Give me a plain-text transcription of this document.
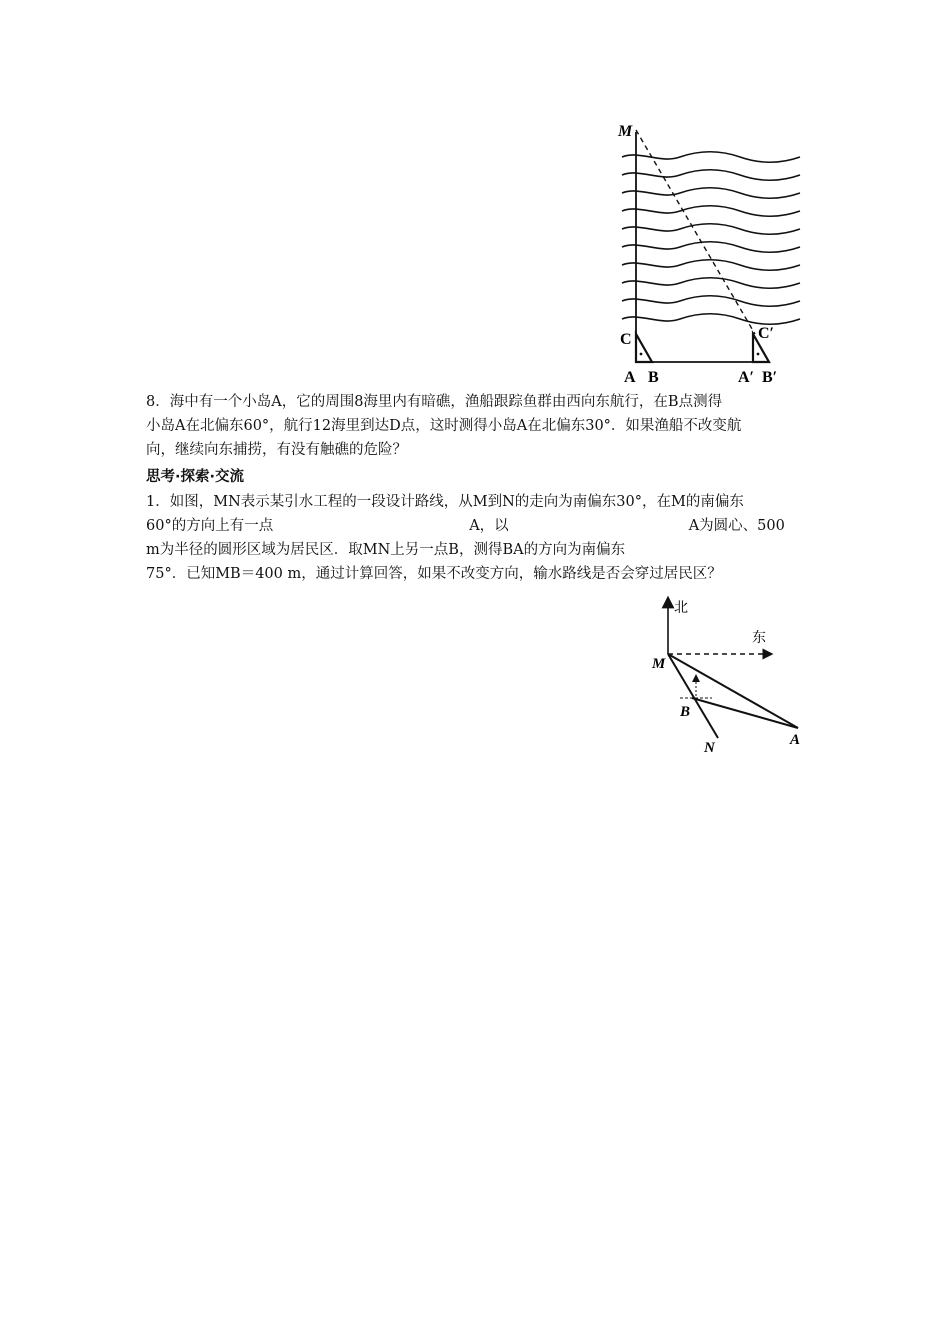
M
C	C′
A B	A′ B′

8．海中有一个小岛A，它的周围8海里内有暗礁，渔船跟踪鱼群由西向东航行，在B点测得
小岛A在北偏东60°，航行12海里到达D点，这时测得小岛A在北偏东30°．如果渔船不改变航
向，继续向东捕捞，有没有触礁的危险？

思考·探索·交流

1．如图，MN表示某引水工程的一段设计路线，从M到N的走向为南偏东30°，在M的南偏东
60°的方向上有一点	A，以	A为圆心、500
m为半径的圆形区域为居民区．取MN上另一点B，测得BA的方向为南偏东
75°．已知MB＝400 m，通过计算回答，如果不改变方向，输水路线是否会穿过居民区？

北
东
M
B
N	A
